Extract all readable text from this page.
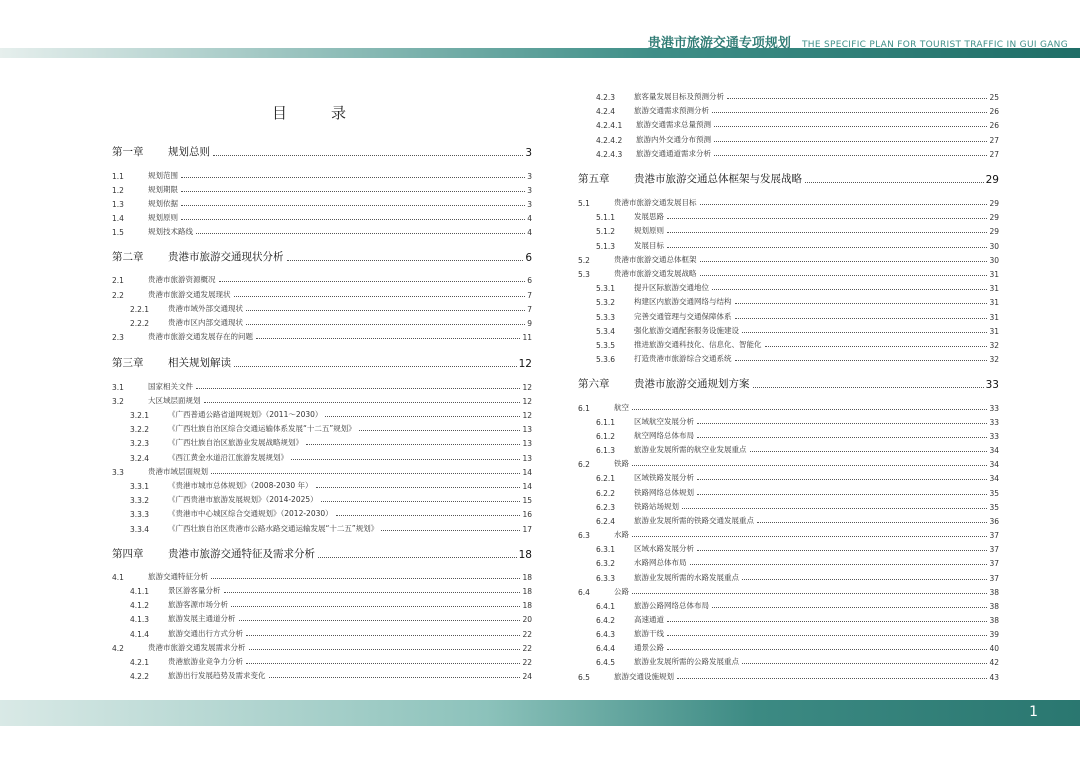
贵港市旅游交通专项规划 THE SPECIFIC PLAN FOR TOURIST TRAFFIC IN GUI GANG
目录
第一章	规划总则	3
1.1	规划范围	3
1.2	规划期限	3
1.3	规划依据	3
1.4	规划原则	4
1.5	规划技术路线	4
第二章	贵港市旅游交通现状分析	6
2.1	贵港市旅游资源概况	6
2.2	贵港市旅游交通发展现状	7
2.2.1	贵港市域外部交通现状	7
2.2.2	贵港市区内部交通现状	9
2.3	贵港市旅游交通发展存在的问题	11
第三章	相关规划解读	12
3.1	国家相关文件	12
3.2	大区域层面规划	12
3.2.1	《广西普通公路省道网规划》（2011～2030）	12
3.2.2	《广西壮族自治区综合交通运输体系发展“十二五”规划》	13
3.2.3	《广西壮族自治区旅游业发展战略规划》	13
3.2.4	《西江黄金水道沿江旅游发展规划》	13
3.3	贵港市域层面规划	14
3.3.1	《贵港市城市总体规划》（2008-2030 年）	14
3.3.2	《广西贵港市旅游发展规划》（2014-2025）	15
3.3.3	《贵港市中心城区综合交通规划》（2012-2030）	16
3.3.4	《广西壮族自治区贵港市公路水路交通运输发展“十二五”规划》	17
第四章	贵港市旅游交通特征及需求分析	18
4.1	旅游交通特征分析	18
4.1.1	景区游客量分析	18
4.1.2	旅游客源市场分析	18
4.1.3	旅游发展主通道分析	20
4.1.4	旅游交通出行方式分析	22
4.2	贵港市旅游交通发展需求分析	22
4.2.1	贵港旅游业竞争力分析	22
4.2.2	旅游出行发展趋势及需求变化	24
4.2.3	旅客量发展目标及预测分析	25
4.2.4	旅游交通需求预测分析	26
4.2.4.1	旅游交通需求总量预测	26
4.2.4.2	旅游内外交通分布预测	27
4.2.4.3	旅游交通通道需求分析	27
第五章	贵港市旅游交通总体框架与发展战略	29
5.1	贵港市旅游交通发展目标	29
5.1.1	发展思路	29
5.1.2	规划原则	29
5.1.3	发展目标	30
5.2	贵港市旅游交通总体框架	30
5.3	贵港市旅游交通发展战略	31
5.3.1	提升区际旅游交通地位	31
5.3.2	构建区内旅游交通网络与结构	31
5.3.3	完善交通管理与交通保障体系	31
5.3.4	强化旅游交通配套服务设施建设	31
5.3.5	推进旅游交通科技化、信息化、智能化	32
5.3.6	打造贵港市旅游综合交通系统	32
第六章	贵港市旅游交通规划方案	33
6.1	航空	33
6.1.1	区域航空发展分析	33
6.1.2	航空网络总体布局	33
6.1.3	旅游业发展所需的航空业发展重点	34
6.2	铁路	34
6.2.1	区域铁路发展分析	34
6.2.2	铁路网络总体规划	35
6.2.3	铁路站场规划	35
6.2.4	旅游业发展所需的铁路交通发展重点	36
6.3	水路	37
6.3.1	区域水路发展分析	37
6.3.2	水路网总体布局	37
6.3.3	旅游业发展所需的水路发展重点	37
6.4	公路	38
6.4.1	旅游公路网络总体布局	38
6.4.2	高速通道	38
6.4.3	旅游干线	39
6.4.4	通景公路	40
6.4.5	旅游业发展所需的公路发展重点	42
6.5	旅游交通设施规划	43
1
